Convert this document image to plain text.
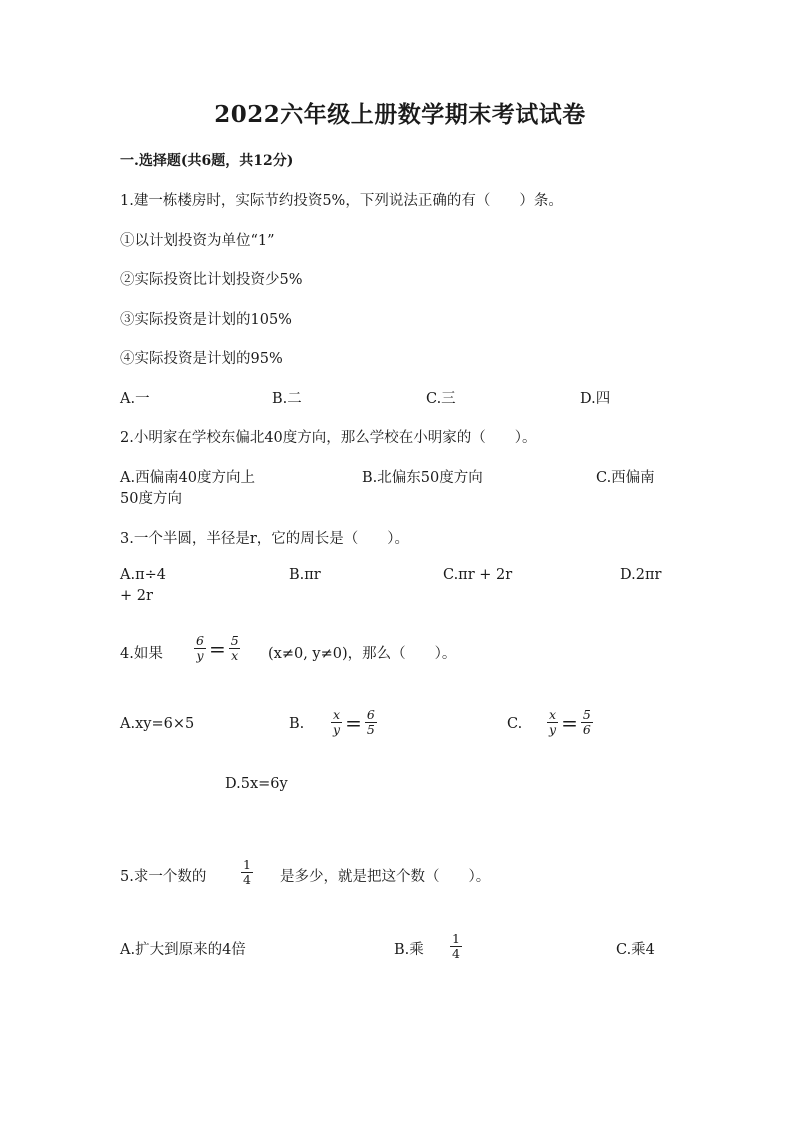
2022六年级上册数学期末考试试卷
一.选择题(共6题，共12分)
1.建一栋楼房时，实际节约投资5%，下列说法正确的有（　　）条。
①以计划投资为单位“1”
②实际投资比计划投资少5%
③实际投资是计划的105%
④实际投资是计划的95%
A.一	B.二	C.三	D.四
2.小明家在学校东偏北40度方向，那么学校在小明家的（　　）。
A.西偏南40度方向上	B.北偏东50度方向	C.西偏南
50度方向
3.一个半圆，半径是r，它的周长是（　　）。
A.π÷4	B.πr	C.πr + 2r	D.2πr
+ 2r
4.如果 $\frac{6}{y} = \frac{5}{x} (x\ne 0$, y≠0)，那么（　　）。
A.xy=6×5	B. $\frac{x}{y} = \frac{6}{5}$	C. $\frac{x}{y} = \frac{5}{6}$
D.5x=6y
5.求一个数的	$\frac{1}{4}$ 是多少，就是把这个数（　　）。
A.扩大到原来的4倍	B.乘 $\frac{1}{4}$	C.乘4
